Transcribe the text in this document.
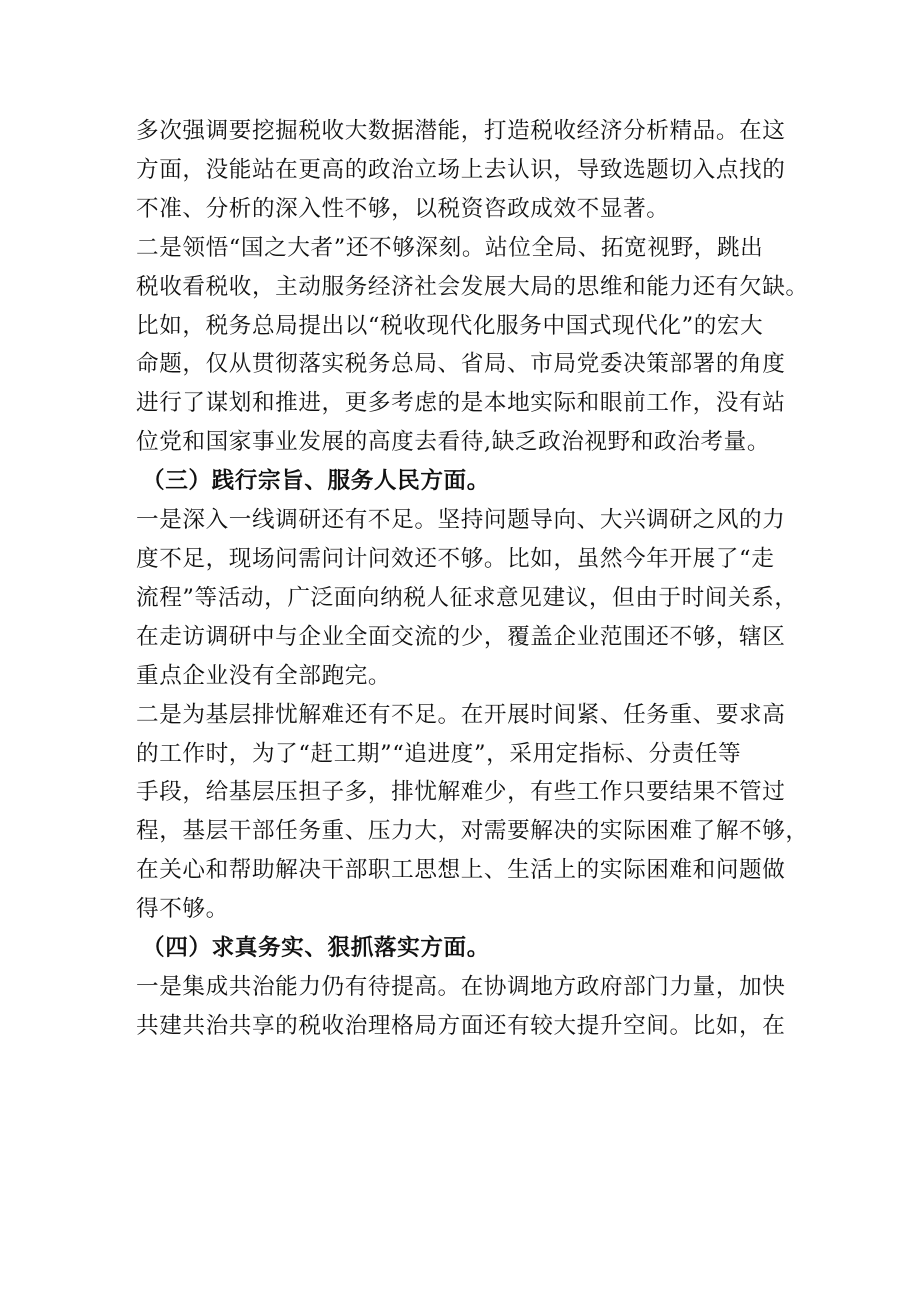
多次强调要挖掘税收大数据潜能，打造税收经济分析精品。在这
方面，没能站在更高的政治立场上去认识，导致选题切入点找的
不准、分析的深入性不够，以税资咨政成效不显著。

二是领悟“国之大者”还不够深刻。站位全局、拓宽视野，跳出
税收看税收，主动服务经济社会发展大局的思维和能力还有欠缺。
比如，税务总局提出以“税收现代化服务中国式现代化”的宏大
命题，仅从贯彻落实税务总局、省局、市局党委决策部署的角度
进行了谋划和推进，更多考虑的是本地实际和眼前工作，没有站
位党和国家事业发展的高度去看待,缺乏政治视野和政治考量。

（三）践行宗旨、服务人民方面。

一是深入一线调研还有不足。坚持问题导向、大兴调研之风的力
度不足，现场问需问计问效还不够。比如，虽然今年开展了“走
流程”等活动，广泛面向纳税人征求意见建议，但由于时间关系，
在走访调研中与企业全面交流的少，覆盖企业范围还不够，辖区
重点企业没有全部跑完。

二是为基层排忧解难还有不足。在开展时间紧、任务重、要求高
的工作时，为了“赶工期”“追进度”，采用定指标、分责任等
手段，给基层压担子多，排忧解难少，有些工作只要结果不管过
程，基层干部任务重、压力大，对需要解决的实际困难了解不够，
在关心和帮助解决干部职工思想上、生活上的实际困难和问题做
得不够。

（四）求真务实、狠抓落实方面。

一是集成共治能力仍有待提高。在协调地方政府部门力量，加快
共建共治共享的税收治理格局方面还有较大提升空间。比如，在
